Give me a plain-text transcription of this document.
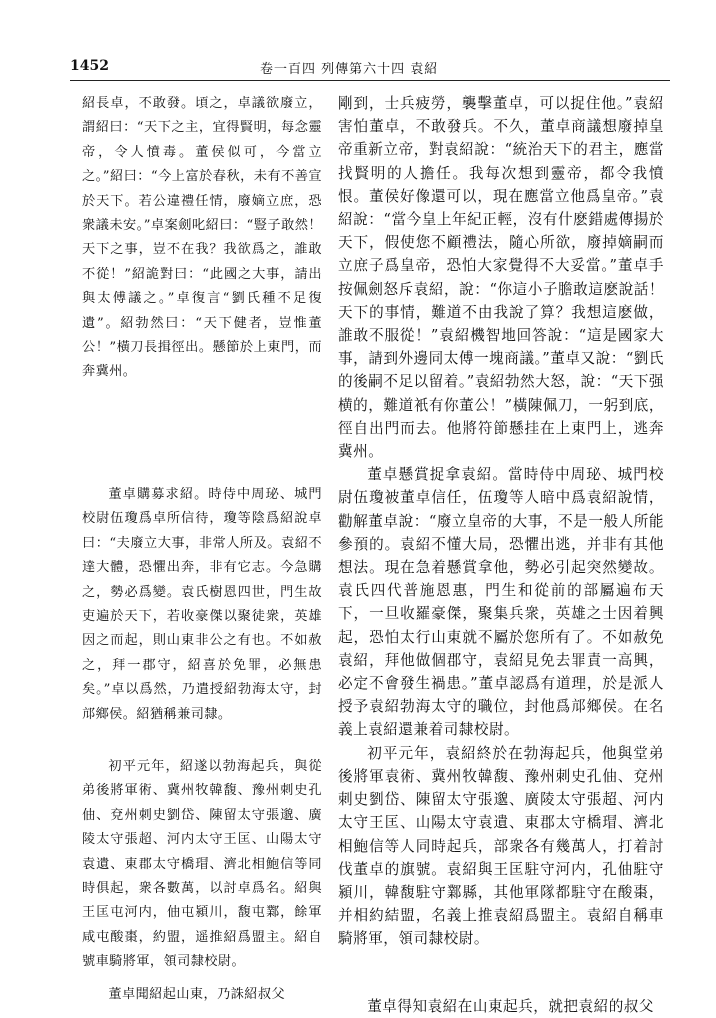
1452	卷一百四 列傳第六十四 袁紹

紹長卓，不敢發。頃之，卓議欲廢立，謂紹曰：“天下之主，宜得賢明，每念靈帝，令人憤毒。董侯似可，今當立之。”紹曰：“今上富於春秋，未有不善宣於天下。若公違禮任情，廢嫡立庶，恐衆議未安。”卓案劍叱紹曰：“豎子敢然！天下之事，豈不在我？我欲爲之，誰敢不從！”紹詭對曰：“此國之大事，請出與太傅議之。”卓復言“劉氏種不足復遺”。紹勃然曰：“天下健者，豈惟董公！”橫刀長揖徑出。懸節於上東門，而奔冀州。

董卓購募求紹。時侍中周珌、城門校尉伍瓊爲卓所信待，瓊等陰爲紹說卓曰：“夫廢立大事，非常人所及。袁紹不達大體，恐懼出奔，非有它志。今急購之，勢必爲變。袁氏樹恩四世，門生故吏遍於天下，若收豪傑以聚徒衆，英雄因之而起，則山東非公之有也。不如赦之，拜一郡守，紹喜於免罪，必無患矣。”卓以爲然，乃遣授紹勃海太守，封邟鄉侯。紹猶稱兼司隸。

初平元年，紹遂以勃海起兵，與從弟後將軍術、冀州牧韓馥、豫州刺史孔伷、兗州刺史劉岱、陳留太守張邈、廣陵太守張超、河内太守王匡、山陽太守袁遺、東郡太守橋瑁、濟北相鮑信等同時俱起，衆各數萬，以討卓爲名。紹與王匡屯河内，伷屯潁川，馥屯鄴，餘軍咸屯酸棗，約盟，遥推紹爲盟主。紹自號車騎將軍，領司隸校尉。

董卓聞紹起山東，乃誅紹叔父

剛到，士兵疲勞，襲擊董卓，可以捉住他。”袁紹害怕董卓，不敢發兵。不久，董卓商議想廢掉皇帝重新立帝，對袁紹說：“統治天下的君主，應當找賢明的人擔任。我每次想到靈帝，都令我憤恨。董侯好像還可以，現在應當立他爲皇帝。”袁紹說：“當今皇上年紀正輕，沒有什麽錯處傳揚於天下，假使您不顧禮法，隨心所欲，廢掉嫡嗣而立庶子爲皇帝，恐怕大家覺得不大妥當。”董卓手按佩劍怒斥袁紹，說：“你這小子膽敢這麽說話！天下的事情，難道不由我說了算？我想這麽做，誰敢不服從！”袁紹機智地回答說：“這是國家大事，請到外邊同太傅一塊商議。”董卓又說：“劉氏的後嗣不足以留着。”袁紹勃然大怒，說：“天下强横的，難道衹有你董公！”橫陳佩刀，一躬到底，徑自出門而去。他將符節懸挂在上東門上，逃奔冀州。

董卓懸賞捉拿袁紹。當時侍中周珌、城門校尉伍瓊被董卓信任，伍瓊等人暗中爲袁紹說情，勸解董卓說：“廢立皇帝的大事，不是一般人所能參預的。袁紹不懂大局，恐懼出逃，并非有其他想法。現在急着懸賞拿他，勢必引起突然變故。袁氏四代普施恩惠，門生和從前的部屬遍布天下，一旦收羅豪傑，聚集兵衆，英雄之士因着興起，恐怕太行山東就不屬於您所有了。不如赦免袁紹，拜他做個郡守，袁紹見免去罪責一高興，必定不會發生禍患。”董卓認爲有道理，於是派人授予袁紹勃海太守的職位，封他爲邟鄉侯。在名義上袁紹還兼着司隸校尉。

初平元年，袁紹終於在勃海起兵，他與堂弟後將軍袁術、冀州牧韓馥、豫州刺史孔伷、兗州刺史劉岱、陳留太守張邈、廣陵太守張超、河内太守王匡、山陽太守袁遺、東郡太守橋瑁、濟北相鮑信等人同時起兵，部衆各有幾萬人，打着討伐董卓的旗號。袁紹與王匡駐守河内，孔伷駐守潁川，韓馥駐守鄴縣，其他軍隊都駐守在酸棗，并相約結盟，名義上推袁紹爲盟主。袁紹自稱車騎將軍，領司隸校尉。

董卓得知袁紹在山東起兵，就把袁紹的叔父
